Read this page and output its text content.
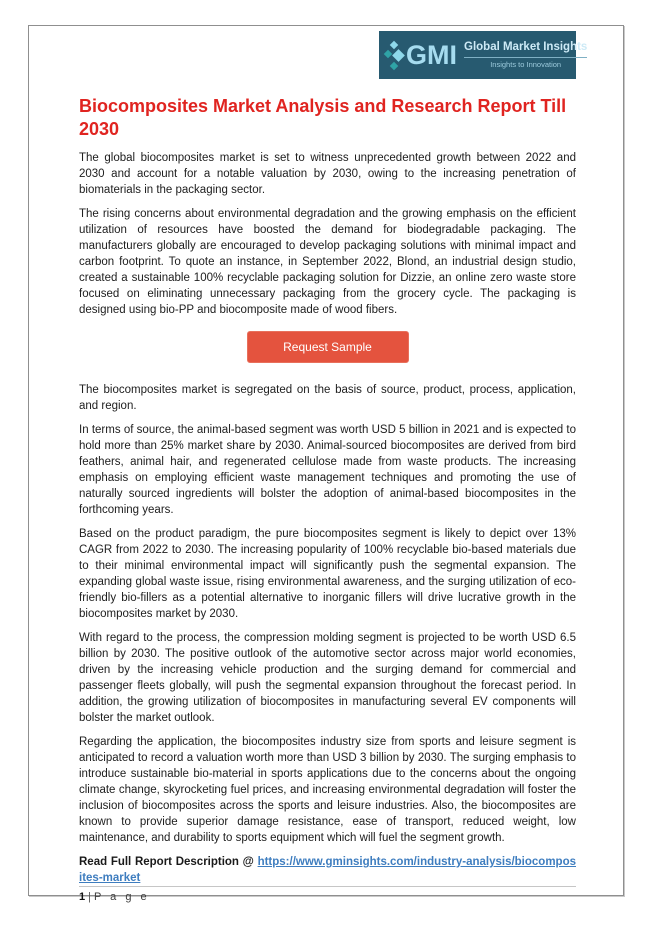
GMI Global Market Insights
Insights to Innovation
Biocomposites Market Analysis and Research Report Till 2030

The global biocomposites market is set to witness unprecedented growth between 2022 and 2030 and account for a notable valuation by 2030, owing to the increasing penetration of biomaterials in the packaging sector.

The rising concerns about environmental degradation and the growing emphasis on the efficient utilization of resources have boosted the demand for biodegradable packaging. The manufacturers globally are encouraged to develop packaging solutions with minimal impact and carbon footprint. To quote an instance, in September 2022, Blond, an industrial design studio, created a sustainable 100% recyclable packaging solution for Dizzie, an online zero waste store focused on eliminating unnecessary packaging from the grocery cycle. The packaging is designed using bio-PP and biocomposite made of wood fibers.

Request Sample

The biocomposites market is segregated on the basis of source, product, process, application, and region.

In terms of source, the animal-based segment was worth USD 5 billion in 2021 and is expected to hold more than 25% market share by 2030. Animal-sourced biocomposites are derived from bird feathers, animal hair, and regenerated cellulose made from waste products. The increasing emphasis on employing efficient waste management techniques and promoting the use of naturally sourced ingredients will bolster the adoption of animal-based biocomposites in the forthcoming years.

Based on the product paradigm, the pure biocomposites segment is likely to depict over 13% CAGR from 2022 to 2030. The increasing popularity of 100% recyclable bio-based materials due to their minimal environmental impact will significantly push the segmental expansion. The expanding global waste issue, rising environmental awareness, and the surging utilization of eco-friendly bio-fillers as a potential alternative to inorganic fillers will drive lucrative growth in the biocomposites market by 2030.

With regard to the process, the compression molding segment is projected to be worth USD 6.5 billion by 2030. The positive outlook of the automotive sector across major world economies, driven by the increasing vehicle production and the surging demand for commercial and passenger fleets globally, will push the segmental expansion throughout the forecast period. In addition, the growing utilization of biocomposites in manufacturing several EV components will bolster the market outlook.

Regarding the application, the biocomposites industry size from sports and leisure segment is anticipated to record a valuation worth more than USD 3 billion by 2030. The surging emphasis to introduce sustainable bio-material in sports applications due to the concerns about the ongoing climate change, skyrocketing fuel prices, and increasing environmental degradation will foster the inclusion of biocomposites across the sports and leisure industries. Also, the biocomposites are known to provide superior damage resistance, ease of transport, reduced weight, low maintenance, and durability to sports equipment which will fuel the segment growth.

Read Full Report Description @ https://www.gminsights.com/industry-analysis/biocomposites-market

1 | P a g e
